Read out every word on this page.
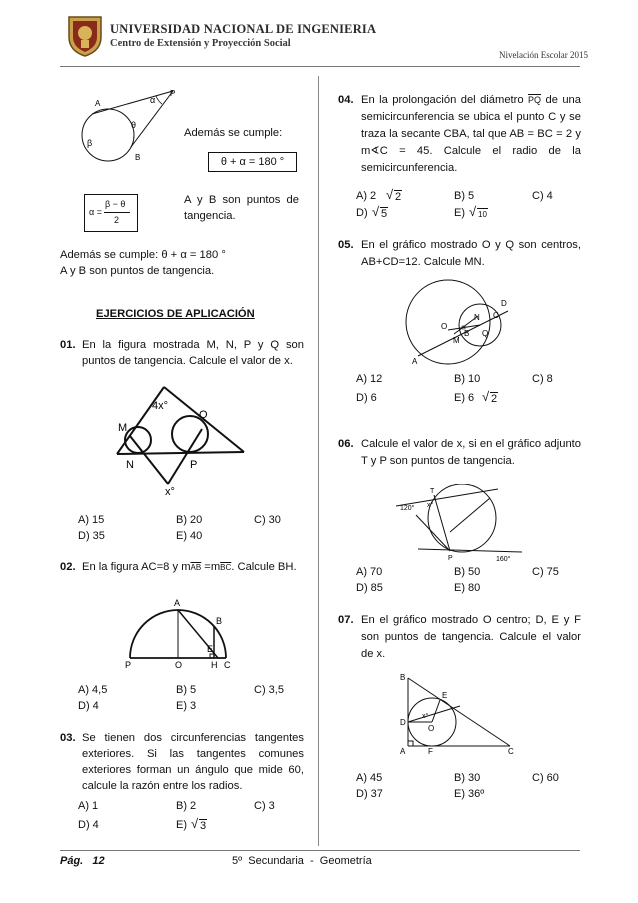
UNIVERSIDAD NACIONAL DE INGENIERIA
Centro de Extensión y Proyección Social
Nivelación Escolar 2015
A
P
α
θ
β
B
Además se cumple:
θ + α = 180 °
A y B son puntos de tangencia.
α =
β − θ
2
Además se cumple: θ + α = 180 °
A y B son puntos de tangencia.
EJERCICIOS DE APLICACIÓN
01. En la figura mostrada M, N, P y Q son puntos de tangencia. Calcule el valor de x.
4x°
Q
M
N	P
x°
A) 15	B) 20	C) 30
D) 35	E) 40
02. En la figura AC=8 y $m\overline{AB} =m\overline{BC}$. Calcule BH.
A
B
E
P	O	H C
A) 4,5	B) 5	C) 3,5
D) 4	E) 3
03. Se tienen dos circunferencias tangentes exteriores. Si las tangentes comunes exteriores forman un ángulo que mide 60, calcule la razón entre los radios.
A) 1	B) 2	C) 3
D) 4	E) √ 3
04. En la prolongación del diámetro $\overline{PQ}$ de una semicircunferencia se ubica el punto C y se traza la secante CBA, tal que AB = BC = 2 y m∢C = 45. Calcule el radio de la semicircunferencia.
A) 2 √ 2	B) 5	C) 4
D) √ 5	E) √ 10
05. En el gráfico mostrado O y Q son centros, AB+CD=12. Calcule MN.
O
N
D
C
M
B Q
A
A) 12	B) 10	C) 8
D) 6	E) 6 √ 2
06. Calcule el valor de x, si en el gráfico adjunto T y P son puntos de tangencia.
T
120° x°
P	160°
A) 70	B) 50	C) 75
D) 85	E) 80
07. En el gráfico mostrado O centro; D, E y F son puntos de tangencia. Calcule el valor de x.
B
E
D
x°
O
A	F	C
A) 45	B) 30	C) 60
D) 37	E) 36º
Pág.   12	5º  Secundaria  -  Geometría
